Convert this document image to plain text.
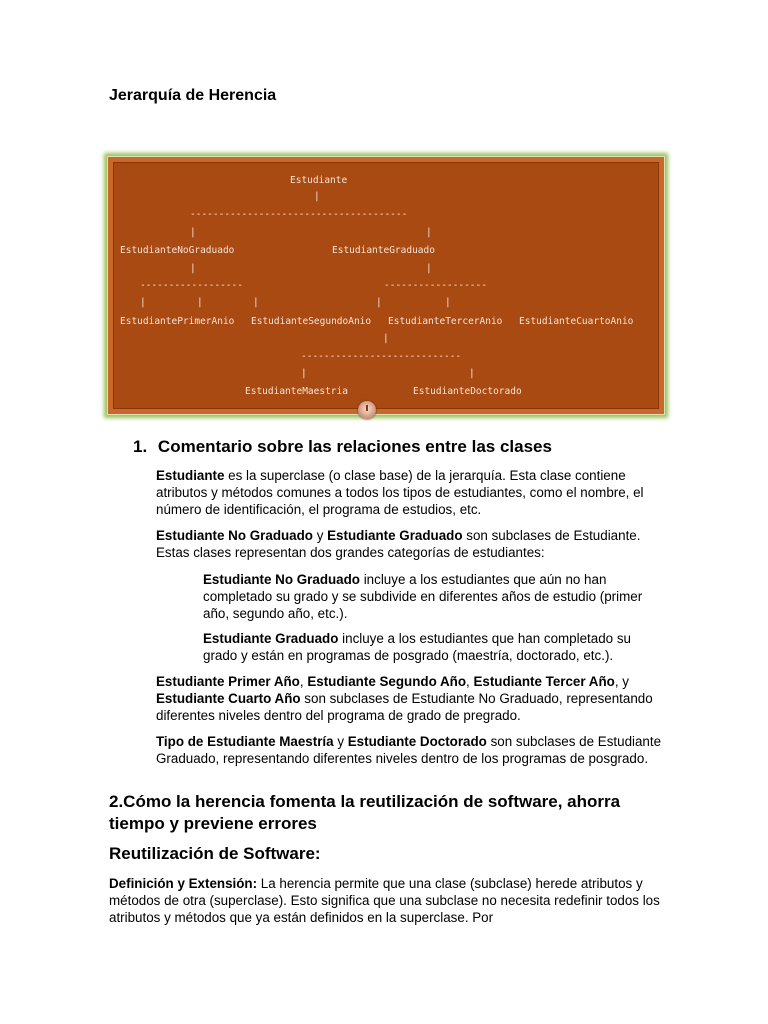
Jerarquía de Herencia
Estudiante
|
--------------------------------------
|	|
EstudianteNoGraduado	EstudianteGraduado
|	|
------------------	------------------
|	|	|	|	|
EstudiantePrimerAnio EstudianteSegundoAnio EstudianteTercerAnio EstudianteCuartoAnio
|
----------------------------
|	|
EstudianteMaestria	EstudianteDoctorado
1. Comentario sobre las relaciones entre las clases
Estudiante es la superclase (o clase base) de la jerarquía. Esta clase contiene atributos y métodos comunes a todos los tipos de estudiantes, como el nombre, el número de identificación, el programa de estudios, etc.
Estudiante No Graduado y Estudiante Graduado son subclases de Estudiante. Estas clases representan dos grandes categorías de estudiantes:
Estudiante No Graduado incluye a los estudiantes que aún no han completado su grado y se subdivide en diferentes años de estudio (primer año, segundo año, etc.).
Estudiante Graduado incluye a los estudiantes que han completado su grado y están en programas de posgrado (maestría, doctorado, etc.).
Estudiante Primer Año, Estudiante Segundo Año, Estudiante Tercer Año, y Estudiante Cuarto Año son subclases de Estudiante No Graduado, representando diferentes niveles dentro del programa de grado de pregrado.
Tipo de Estudiante Maestría y Estudiante Doctorado son subclases de Estudiante Graduado, representando diferentes niveles dentro de los programas de posgrado.
2.Cómo la herencia fomenta la reutilización de software, ahorra tiempo y previene errores
Reutilización de Software:
Definición y Extensión: La herencia permite que una clase (subclase) herede atributos y métodos de otra (superclase). Esto significa que una subclase no necesita redefinir todos los atributos y métodos que ya están definidos en la superclase. Por
